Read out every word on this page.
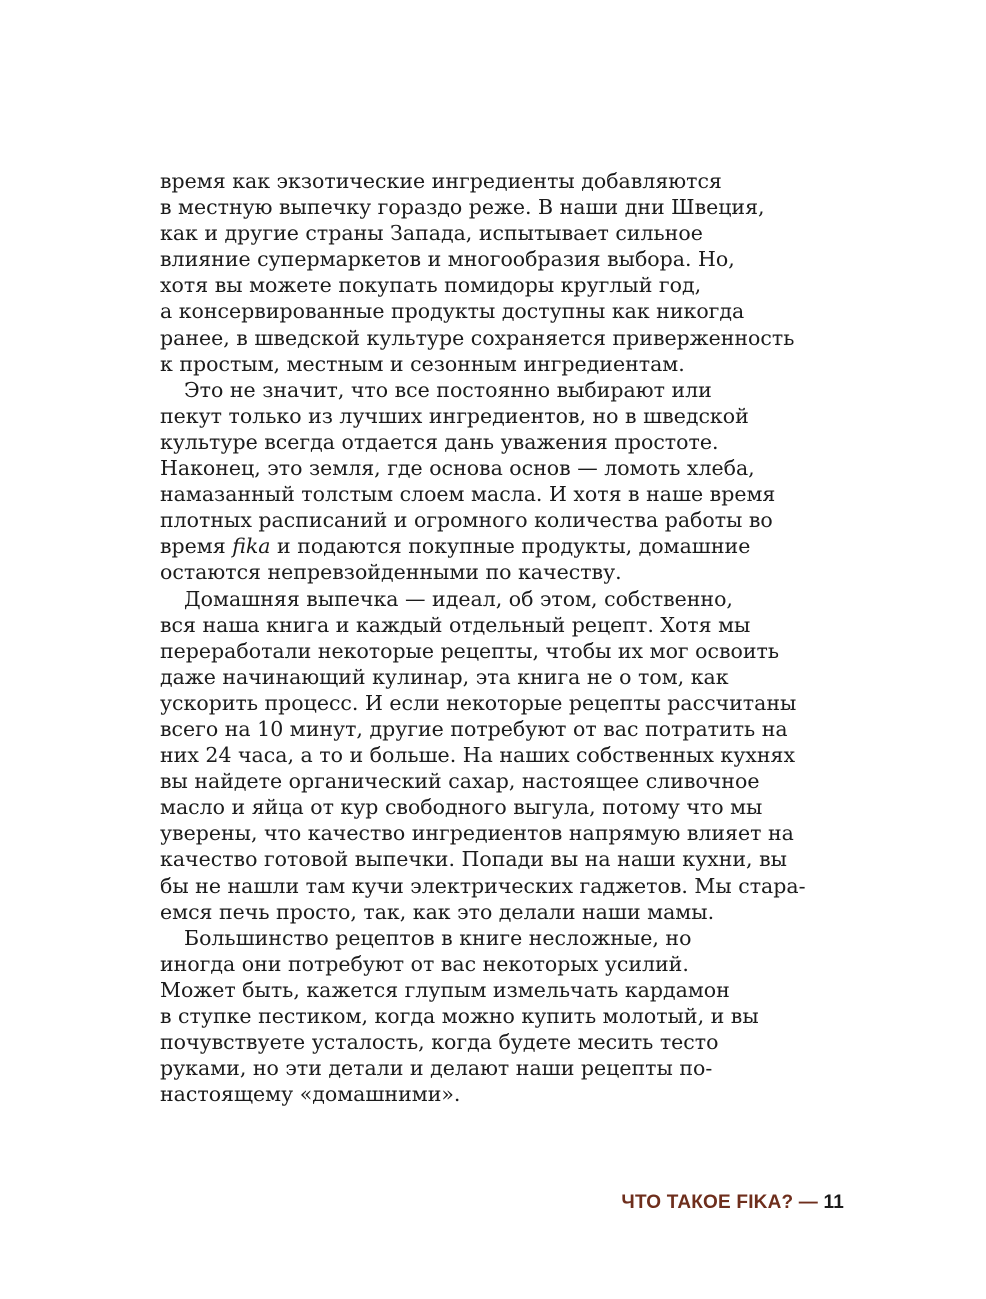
время как экзотические ингредиенты добавляются
в местную выпечку гораздо реже. В наши дни Швеция,
как и другие страны Запада, испытывает сильное
влияние супермаркетов и многообразия выбора. Но,
хотя вы можете покупать помидоры круглый год,
а консервированные продукты доступны как никогда
ранее, в шведской культуре сохраняется приверженность
к простым, местным и сезонным ингредиентам.

Это не значит, что все постоянно выбирают или
пекут только из лучших ингредиентов, но в шведской
культуре всегда отдается дань уважения простоте.
Наконец, это земля, где основа основ — ломоть хлеба,
намазанный толстым слоем масла. И хотя в наше время
плотных расписаний и огромного количества работы во
время fika и подаются покупные продукты, домашние
остаются непревзойденными по качеству.

Домашняя выпечка — идеал, об этом, собственно,
вся наша книга и каждый отдельный рецепт. Хотя мы
переработали некоторые рецепты, чтобы их мог освоить
даже начинающий кулинар, эта книга не о том, как
ускорить процесс. И если некоторые рецепты рассчитаны
всего на 10 минут, другие потребуют от вас потратить на
них 24 часа, а то и больше. На наших собственных кухнях
вы найдете органический сахар, настоящее сливочное
масло и яйца от кур свободного выгула, потому что мы
уверены, что качество ингредиентов напрямую влияет на
качество готовой выпечки. Попади вы на наши кухни, вы
бы не нашли там кучи электрических гаджетов. Мы стара-
емся печь просто, так, как это делали наши мамы.

Большинство рецептов в книге несложные, но
иногда они потребуют от вас некоторых усилий.
Может быть, кажется глупым измельчать кардамон
в ступке пестиком, когда можно купить молотый, и вы
почувствуете усталость, когда будете месить тесто
руками, но эти детали и делают наши рецепты по-
настоящему «домашними».

ЧТО ТАКОЕ FIKA? — 11
